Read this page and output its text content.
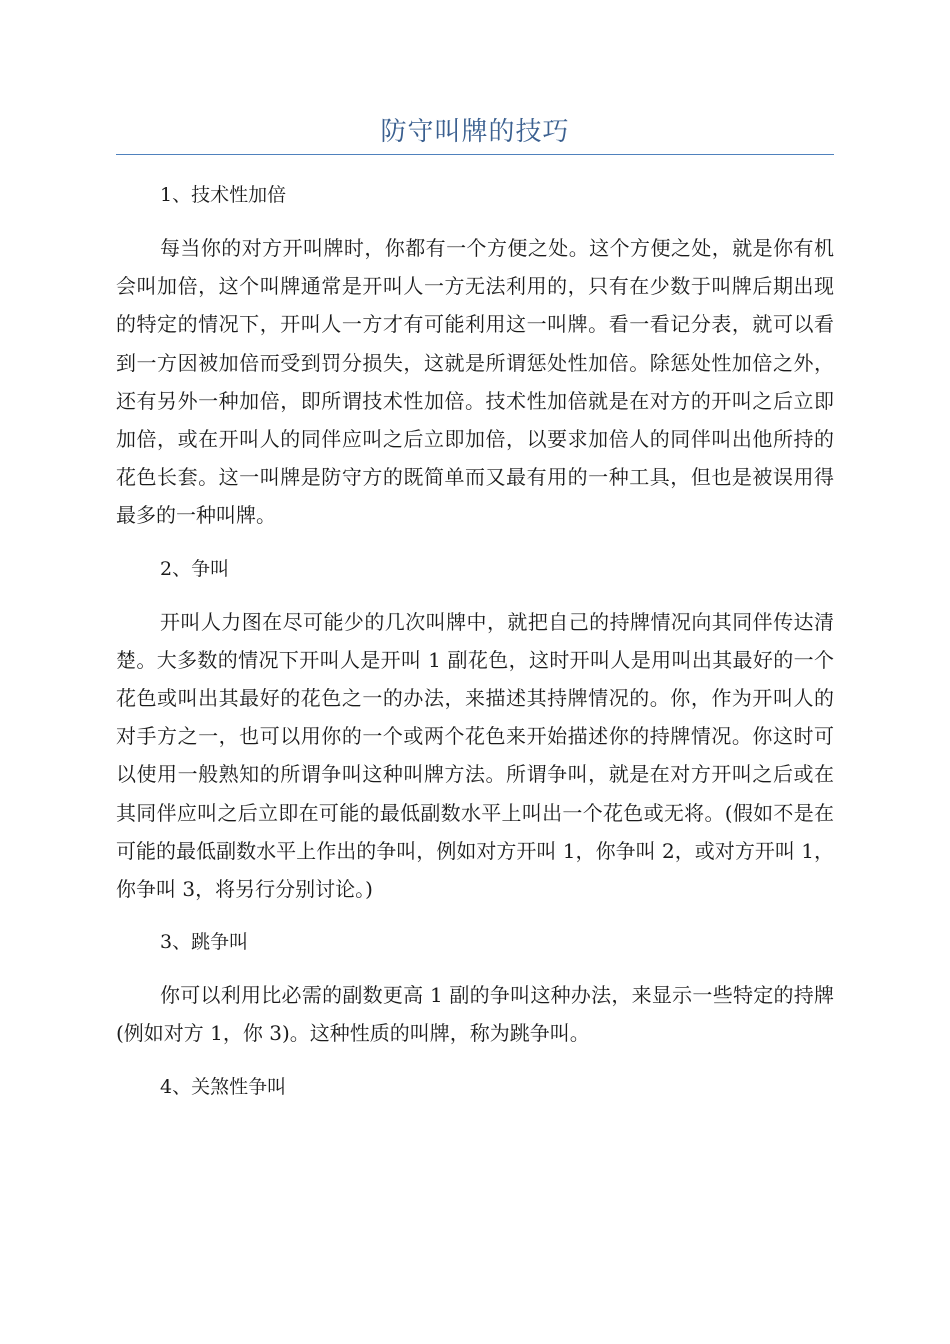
防守叫牌的技巧

1、技术性加倍

每当你的对方开叫牌时，你都有一个方便之处。这个方便之处，就是你有机会叫加倍，这个叫牌通常是开叫人一方无法利用的，只有在少数于叫牌后期出现的特定的情况下，开叫人一方才有可能利用这一叫牌。看一看记分表，就可以看到一方因被加倍而受到罚分损失，这就是所谓惩处性加倍。除惩处性加倍之外，还有另外一种加倍，即所谓技术性加倍。技术性加倍就是在对方的开叫之后立即加倍，或在开叫人的同伴应叫之后立即加倍，以要求加倍人的同伴叫出他所持的花色长套。这一叫牌是防守方的既简单而又最有用的一种工具，但也是被误用得最多的一种叫牌。

2、争叫

开叫人力图在尽可能少的几次叫牌中，就把自己的持牌情况向其同伴传达清楚。大多数的情况下开叫人是开叫 1 副花色，这时开叫人是用叫出其最好的一个花色或叫出其最好的花色之一的办法，来描述其持牌情况的。你，作为开叫人的对手方之一，也可以用你的一个或两个花色来开始描述你的持牌情况。你这时可以使用一般熟知的所谓争叫这种叫牌方法。所谓争叫，就是在对方开叫之后或在其同伴应叫之后立即在可能的最低副数水平上叫出一个花色或无将。(假如不是在可能的最低副数水平上作出的争叫，例如对方开叫 1，你争叫 2，或对方开叫 1，你争叫 3，将另行分别讨论。)

3、跳争叫

你可以利用比必需的副数更高 1 副的争叫这种办法，来显示一些特定的持牌(例如对方 1，你 3)。这种性质的叫牌，称为跳争叫。

4、关煞性争叫
